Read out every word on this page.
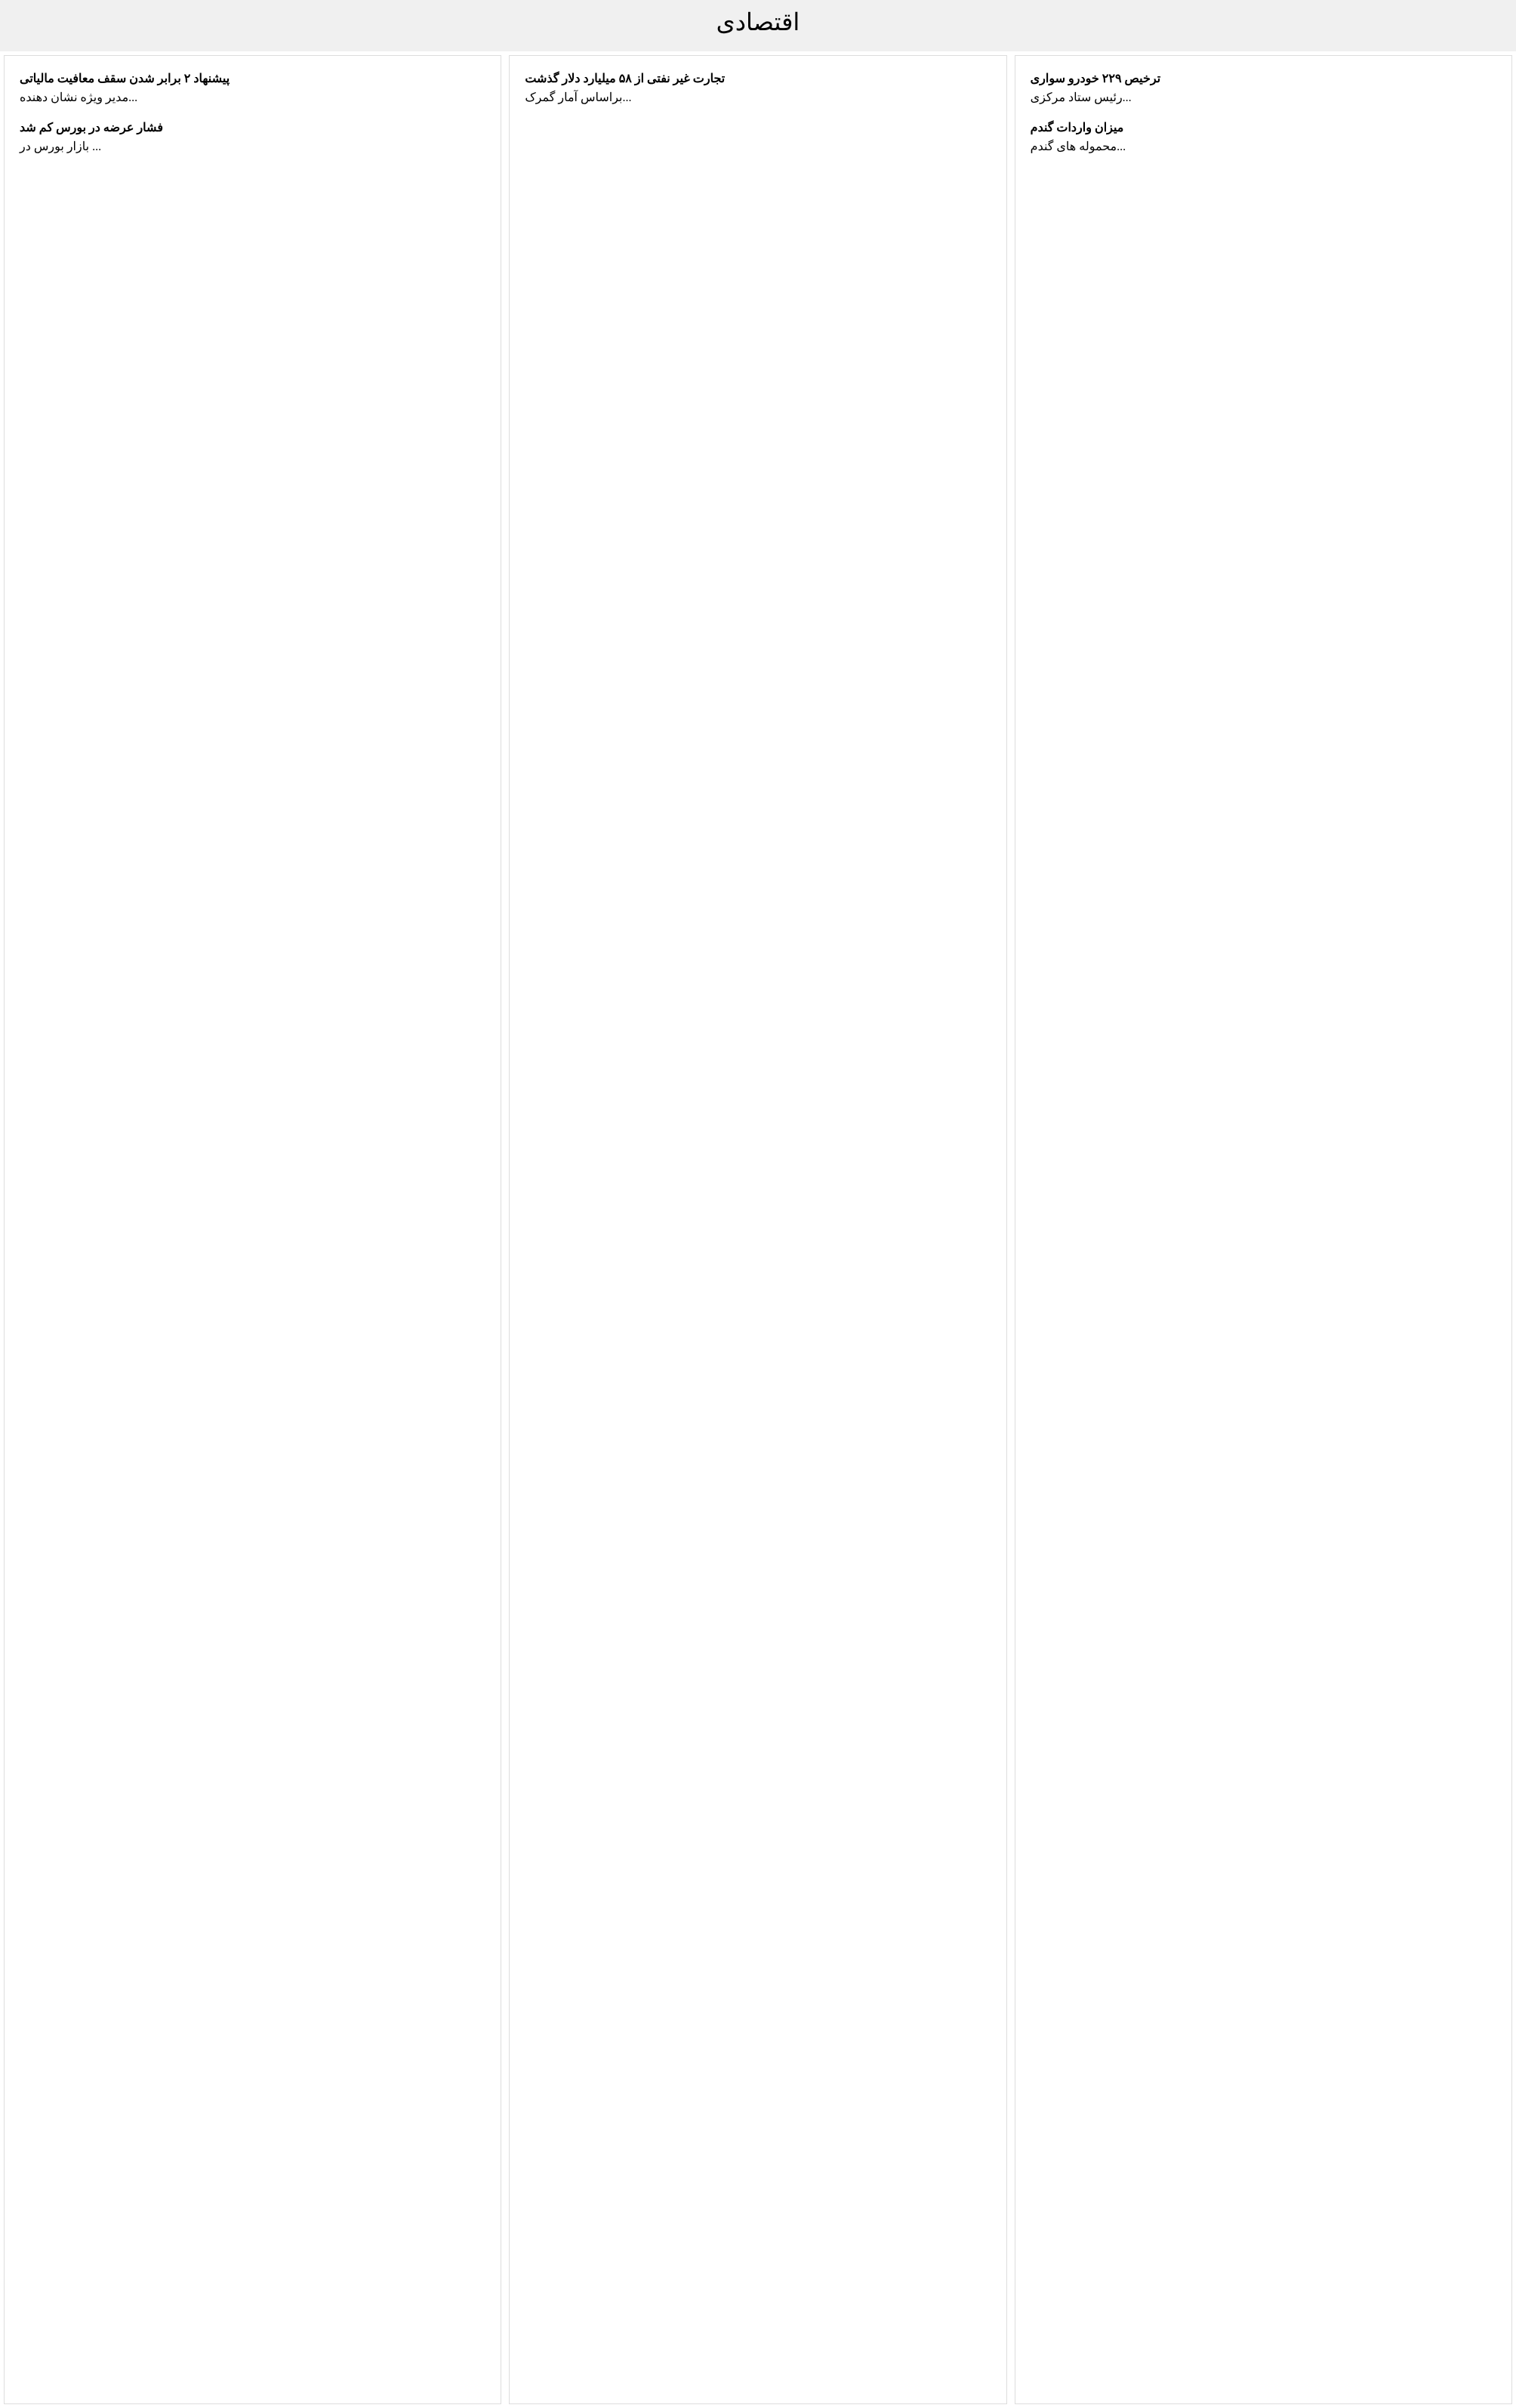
اقتصادی
پیشنهاد ۲ برابر شدن سقف معافیت مالیاتی
مدیر ویژه نشان دهنده...
فشار عرضه در بورس کم شد
بازار بورس در ...
تجارت غیر نفتی از ۵۸ میلیارد دلار گذشت
براساس آمار گمرک...
ترخیص ۲۲۹ خودرو سواری
رئیس ستاد مرکزی...
میزان واردات گندم
محموله های گندم...
